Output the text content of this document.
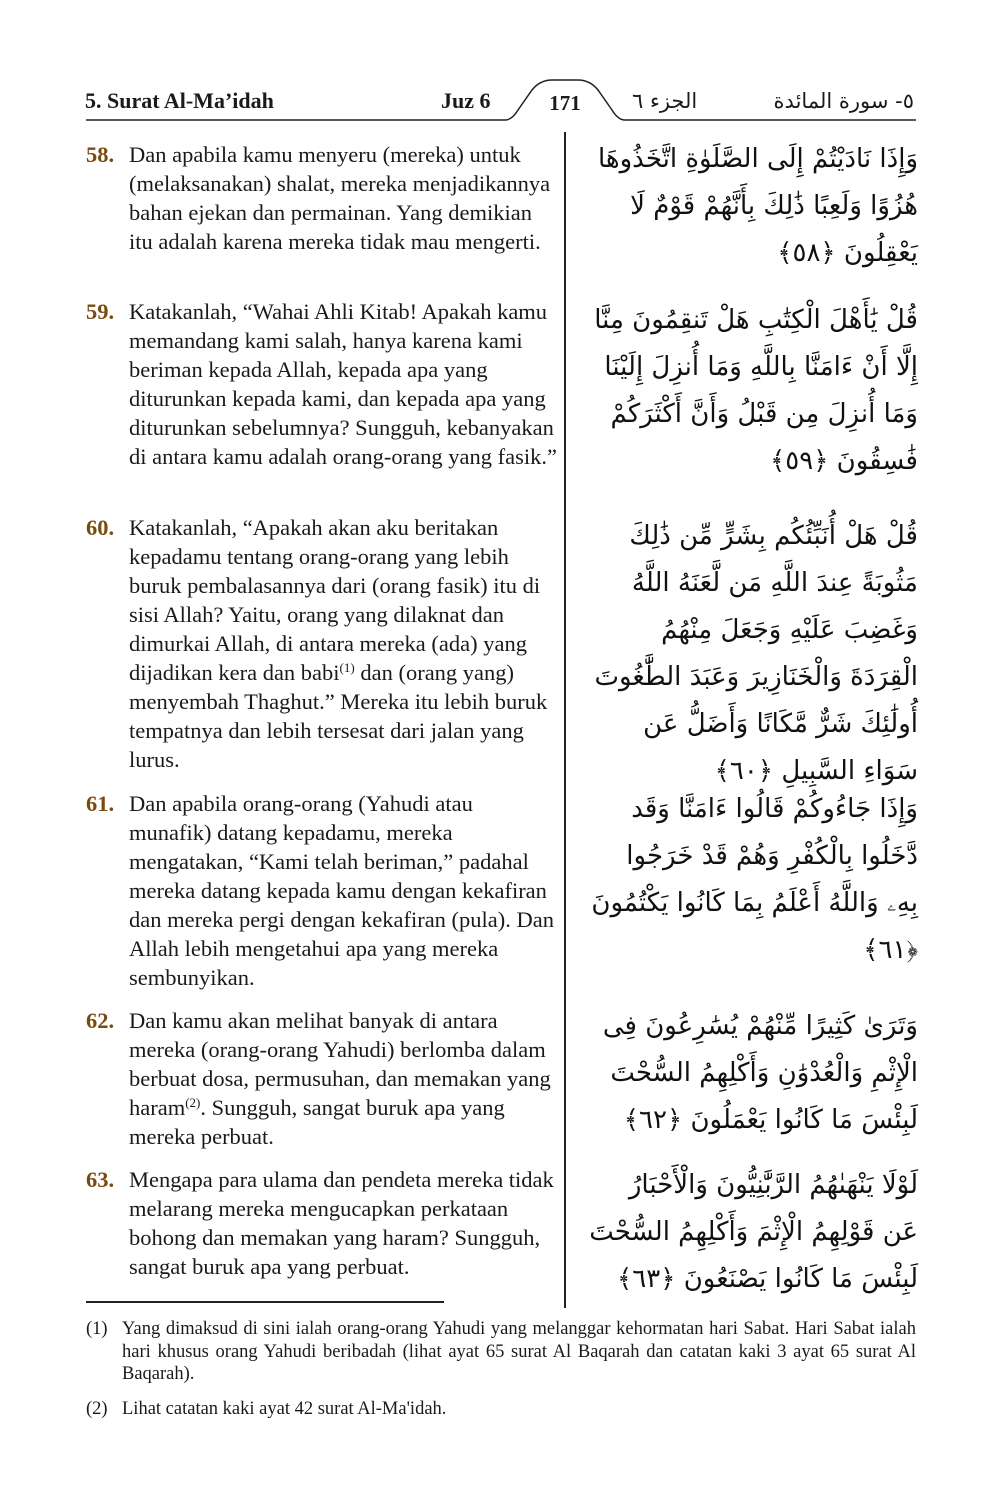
5. Surat Al-Ma’idah	Juz 6	171	الجزء ٦	٥- سورة المائدة
58. Dan apabila kamu menyeru (mereka) untuk (melaksanakan) shalat, mereka menjadikannya bahan ejekan dan permainan. Yang demikian itu adalah karena mereka tidak mau mengerti.
وَإِذَا نَادَيْتُمْ إِلَى الصَّلَوٰةِ اتَّخَذُوهَا هُزُوًا وَلَعِبًا ذَٰلِكَ بِأَنَّهُمْ قَوْمٌ لَا يَعْقِلُونَ ﴿٥٨﴾
59. Katakanlah, “Wahai Ahli Kitab! Apakah kamu memandang kami salah, hanya karena kami beriman kepada Allah, kepada apa yang diturunkan kepada kami, dan kepada apa yang diturunkan sebelumnya? Sungguh, kebanyakan di antara kamu adalah orang-orang yang fasik.”
قُلْ يَٰأَهْلَ الْكِتَٰبِ هَلْ تَنقِمُونَ مِنَّا إِلَّا أَنْ ءَامَنَّا بِاللَّهِ وَمَا أُنزِلَ إِلَيْنَا وَمَا أُنزِلَ مِن قَبْلُ وَأَنَّ أَكْثَرَكُمْ فَٰسِقُونَ ﴿٥٩﴾
60. Katakanlah, “Apakah akan aku beritakan kepadamu tentang orang-orang yang lebih buruk pembalasannya dari (orang fasik) itu di sisi Allah? Yaitu, orang yang dilaknat dan dimurkai Allah, di antara mereka (ada) yang dijadikan kera dan babi$^{(1)}$ dan (orang yang) menyembah Thaghut.” Mereka itu lebih buruk tempatnya dan lebih tersesat dari jalan yang lurus.
قُلْ هَلْ أُنَبِّئُكُم بِشَرٍّ مِّن ذَٰلِكَ مَثُوبَةً عِندَ اللَّهِ مَن لَّعَنَهُ اللَّهُ وَغَضِبَ عَلَيْهِ وَجَعَلَ مِنْهُمُ الْقِرَدَةَ وَالْخَنَازِيرَ وَعَبَدَ الطَّٰغُوتَ أُولَٰئِكَ شَرٌّ مَّكَانًا وَأَضَلُّ عَن سَوَاءِ السَّبِيلِ ﴿٦٠﴾
61. Dan apabila orang-orang (Yahudi atau munafik) datang kepadamu, mereka mengatakan, “Kami telah beriman,” padahal mereka datang kepada kamu dengan kekafiran dan mereka pergi dengan kekafiran (pula). Dan Allah lebih mengetahui apa yang mereka sembunyikan.
وَإِذَا جَاءُوكُمْ قَالُوا ءَامَنَّا وَقَد دَّخَلُوا بِالْكُفْرِ وَهُمْ قَدْ خَرَجُوا بِهِۦ وَاللَّهُ أَعْلَمُ بِمَا كَانُوا يَكْتُمُونَ ﴿٦١﴾
62. Dan kamu akan melihat banyak di antara mereka (orang-orang Yahudi) berlomba dalam berbuat dosa, permusuhan, dan memakan yang haram$^{(2)}$. Sungguh, sangat buruk apa yang mereka perbuat.
وَتَرَىٰ كَثِيرًا مِّنْهُمْ يُسَٰرِعُونَ فِى الْإِثْمِ وَالْعُدْوَٰنِ وَأَكْلِهِمُ السُّحْتَ لَبِئْسَ مَا كَانُوا يَعْمَلُونَ ﴿٦٢﴾
63. Mengapa para ulama dan pendeta mereka tidak melarang mereka mengucapkan perkataan bohong dan memakan yang haram? Sungguh, sangat buruk apa yang perbuat.
لَوْلَا يَنْهَىٰهُمُ الرَّبَّٰنِيُّونَ وَالْأَحْبَارُ عَن قَوْلِهِمُ الْإِثْمَ وَأَكْلِهِمُ السُّحْتَ لَبِئْسَ مَا كَانُوا يَصْنَعُونَ ﴿٦٣﴾
(1) Yang dimaksud di sini ialah orang-orang Yahudi yang melanggar kehormatan hari Sabat. Hari Sabat ialah hari khusus orang Yahudi beribadah (lihat ayat 65 surat Al Baqarah dan catatan kaki 3 ayat 65 surat Al Baqarah).
(2) Lihat catatan kaki ayat 42 surat Al-Ma'idah.
